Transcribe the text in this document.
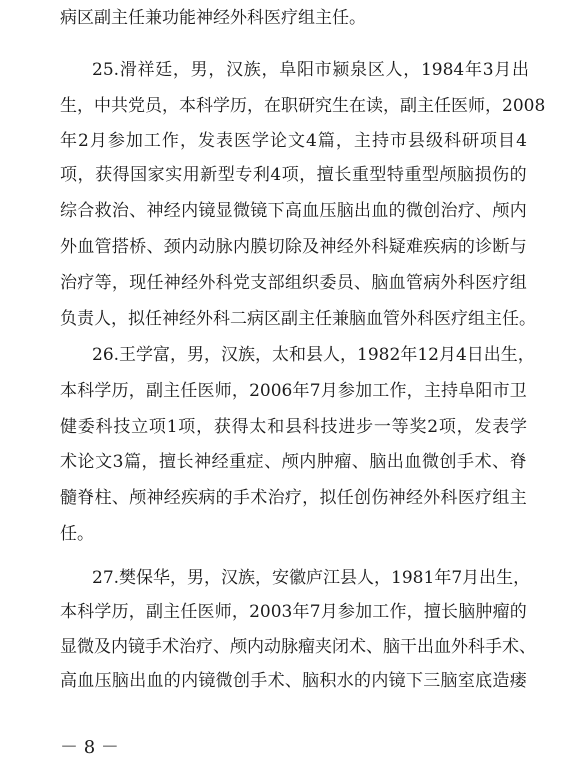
病区副主任兼功能神经外科医疗组主任。
25. 滑 祥 廷 ， 男 ， 汉 族 ， 阜 阳 市 颍 泉 区 人 ， 1984 年 3 月 出
生 ， 中 共 党 员 ， 本 科 学 历 ， 在 职 研 究 生 在 读 ， 副 主 任 医 师 ， 2008
年 2 月 参 加 工 作 ， 发 表 医 学 论 文 4 篇 ， 主 持 市 县 级 科 研 项 目 4
项 ， 获 得 国 家 实 用 新 型 专 利 4 项 ， 擅 长 重 型 特 重 型 颅 脑 损 伤 的
综 合 救 治 、 神 经 内 镜 显 微 镜 下 高 血 压 脑 出 血 的 微 创 治 疗 、 颅 内
外 血 管 搭 桥 、 颈 内 动 脉 内 膜 切 除 及 神 经 外 科 疑 难 疾 病 的 诊 断 与
治 疗 等 ， 现 任 神 经 外 科 党 支 部 组 织 委 员 、 脑 血 管 病 外 科 医 疗 组
负 责 人 ， 拟 任 神 经 外 科 二 病 区 副 主 任 兼 脑 血 管 外 科 医 疗 组 主 任 。
26. 王 学 富 ， 男 ， 汉 族 ， 太 和 县 人 ， 1982 年 12 月 4 日 出 生 ，
本 科 学 历 ， 副 主 任 医 师 ， 2006 年 7 月 参 加 工 作 ， 主 持 阜 阳 市 卫
健 委 科 技 立 项 1 项 ， 获 得 太 和 县 科 技 进 步 一 等 奖 2 项 ， 发 表 学
术 论 文 3 篇 ， 擅 长 神 经 重 症 、 颅 内 肿 瘤 、 脑 出 血 微 创 手 术 、 脊
髓 脊 柱 、 颅 神 经 疾 病 的 手 术 治 疗 ， 拟 任 创 伤 神 经 外 科 医 疗 组 主
任。
27. 樊 保 华 ， 男 ， 汉 族 ， 安 徽 庐 江 县 人 ， 1981 年 7 月 出 生 ，
本 科 学 历 ， 副 主 任 医 师 ， 2003 年 7 月 参 加 工 作 ， 擅 长 脑 肿 瘤 的
显 微 及 内 镜 手 术 治 疗 、 颅 内 动 脉 瘤 夹 闭 术 、 脑 干 出 血 外 科 手 术 、
高 血 压 脑 出 血 的 内 镜 微 创 手 术 、 脑 积 水 的 内 镜 下 三 脑 室 底 造 瘘
－ 8 －
